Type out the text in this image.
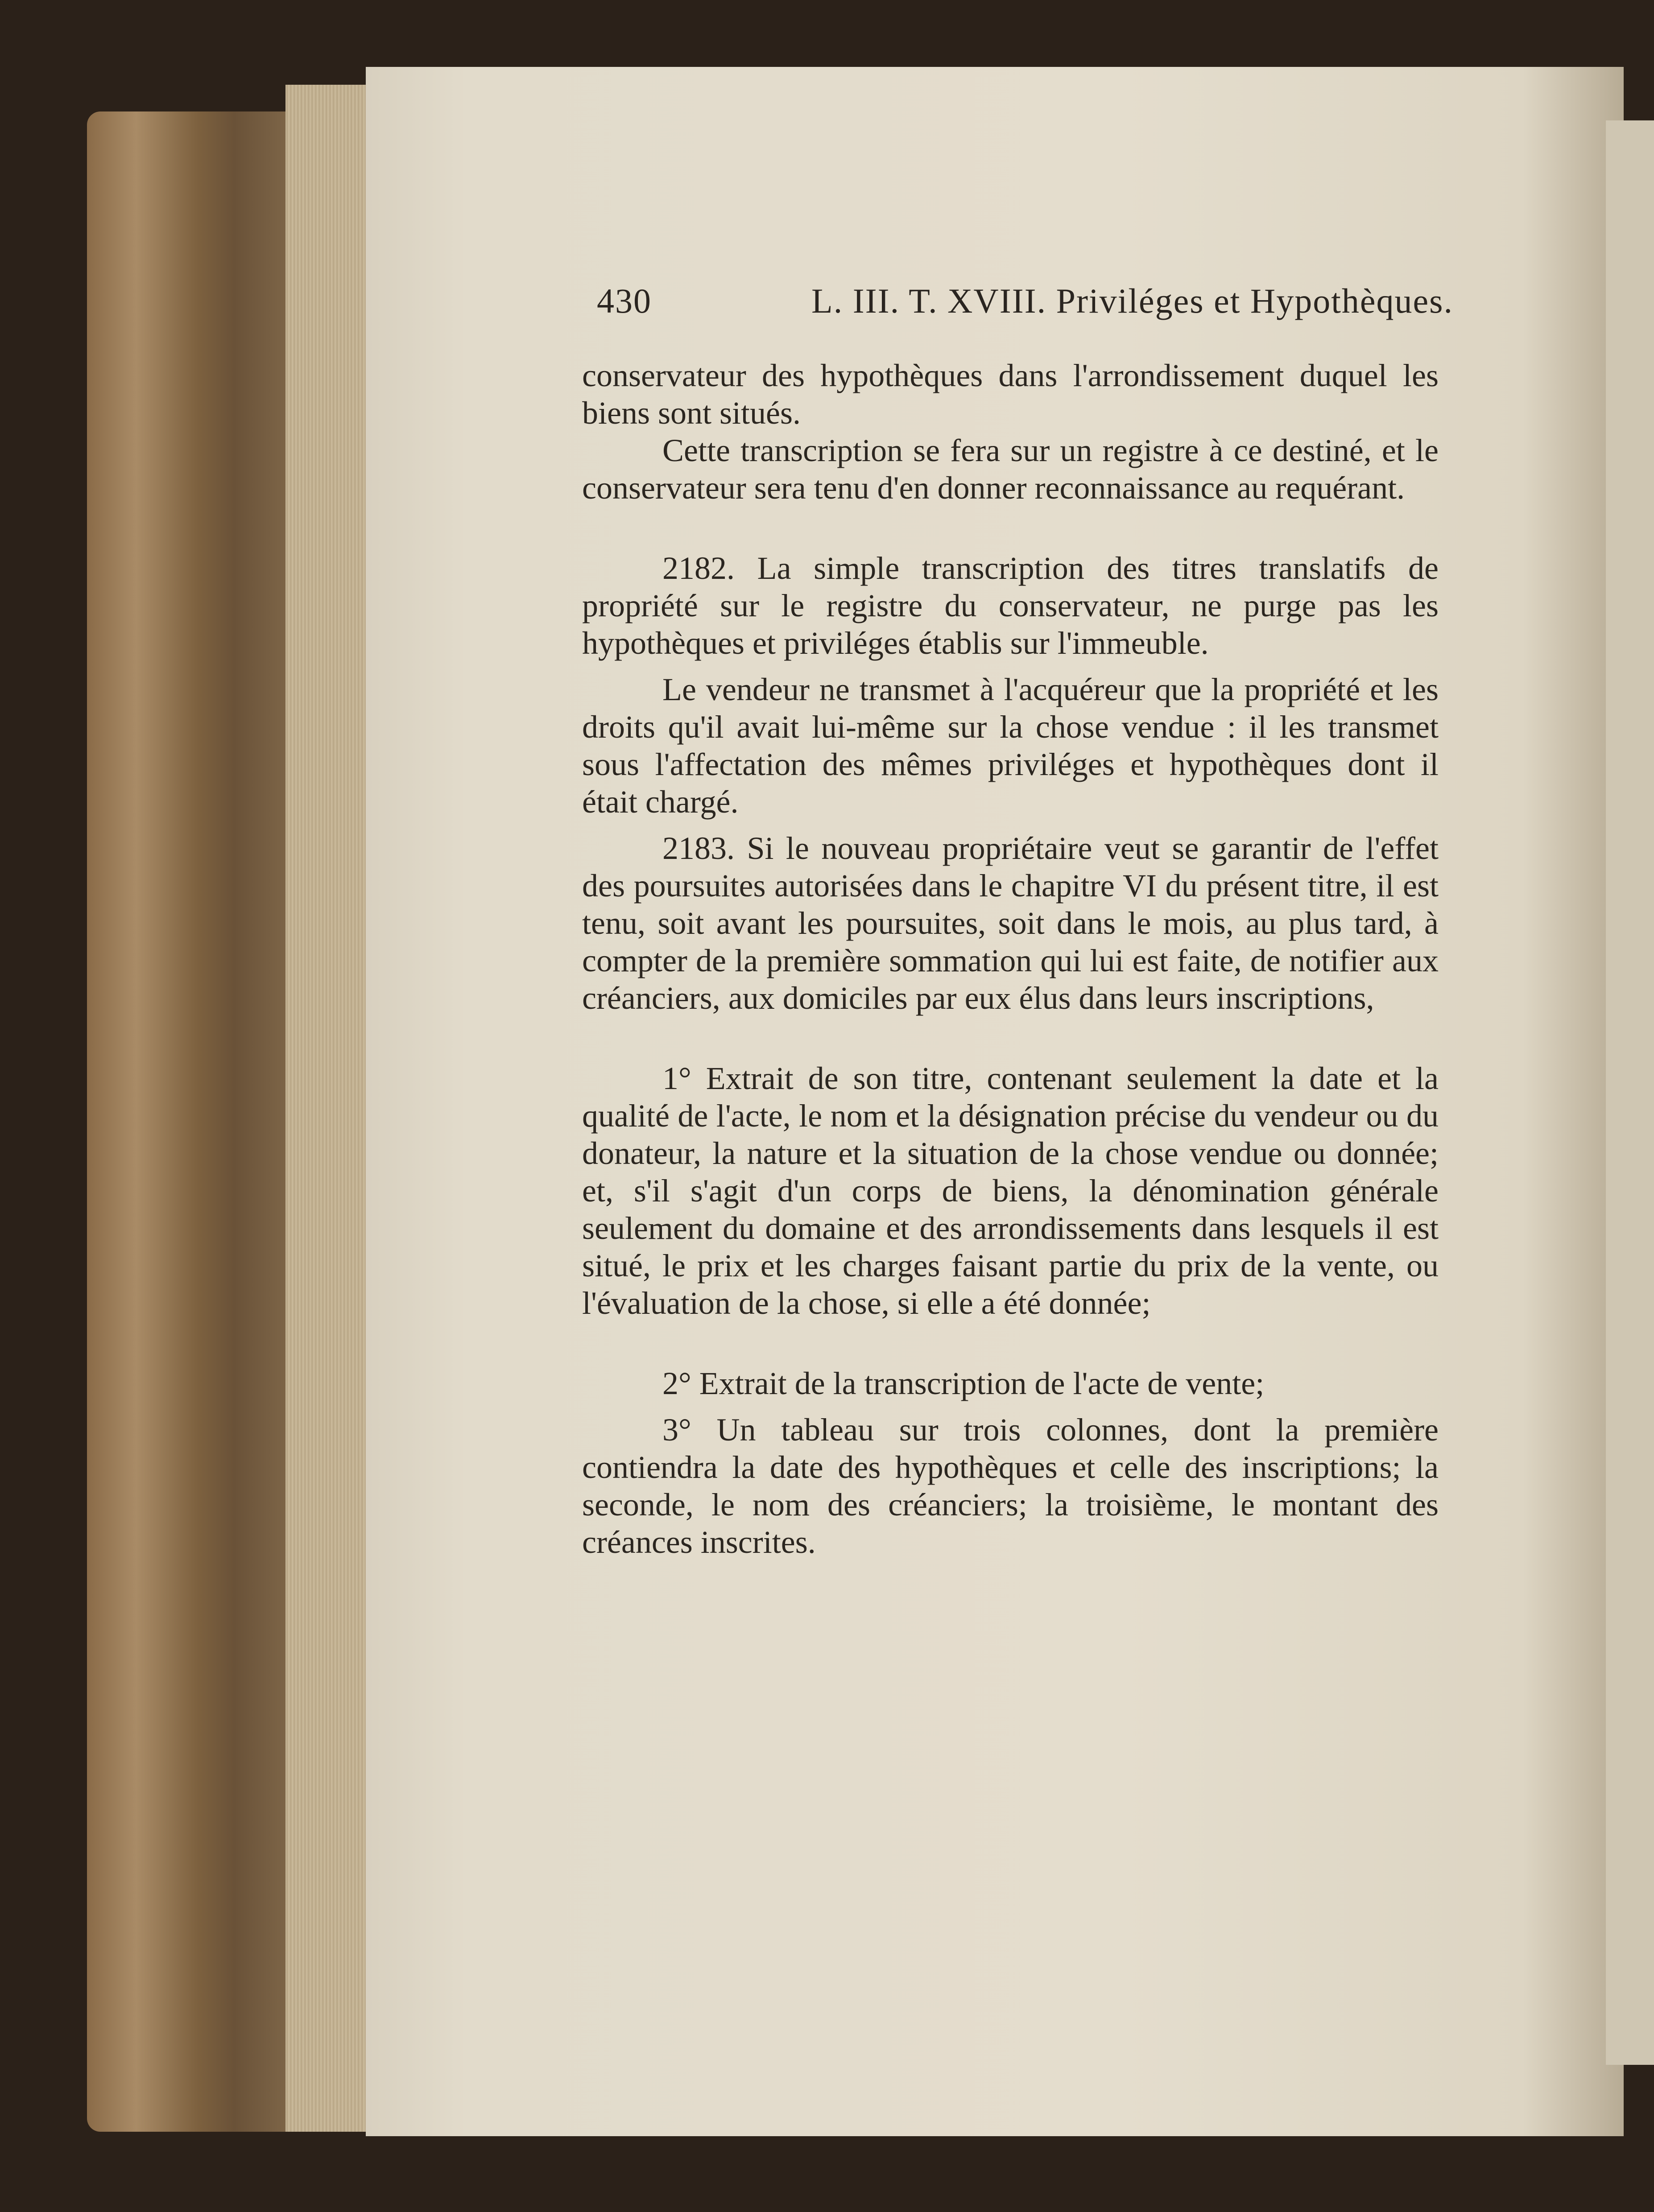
430	L. III. T. XVIII. Priviléges et Hypothèques.

conservateur des hypothèques dans l'arrondissement duquel les biens sont situés.

Cette transcription se fera sur un registre à ce destiné, et le conservateur sera tenu d'en donner reconnaissance au requérant.

2182. La simple transcription des titres translatifs de propriété sur le registre du conservateur, ne purge pas les hypothèques et priviléges établis sur l'immeuble.

Le vendeur ne transmet à l'acquéreur que la propriété et les droits qu'il avait lui-même sur la chose vendue : il les transmet sous l'affectation des mêmes priviléges et hypothèques dont il était chargé.

2183. Si le nouveau propriétaire veut se garantir de l'effet des poursuites autorisées dans le chapitre VI du présent titre, il est tenu, soit avant les poursuites, soit dans le mois, au plus tard, à compter de la première sommation qui lui est faite, de notifier aux créanciers, aux domiciles par eux élus dans leurs inscriptions,

1° Extrait de son titre, contenant seulement la date et la qualité de l'acte, le nom et la désignation précise du vendeur ou du donateur, la nature et la situation de la chose vendue ou donnée; et, s'il s'agit d'un corps de biens, la dénomination générale seulement du domaine et des arrondissements dans lesquels il est situé, le prix et les charges faisant partie du prix de la vente, ou l'évaluation de la chose, si elle a été donnée;

2° Extrait de la transcription de l'acte de vente;

3° Un tableau sur trois colonnes, dont la première contiendra la date des hypothèques et celle des inscriptions; la seconde, le nom des créanciers; la troisième, le montant des créances inscrites.
